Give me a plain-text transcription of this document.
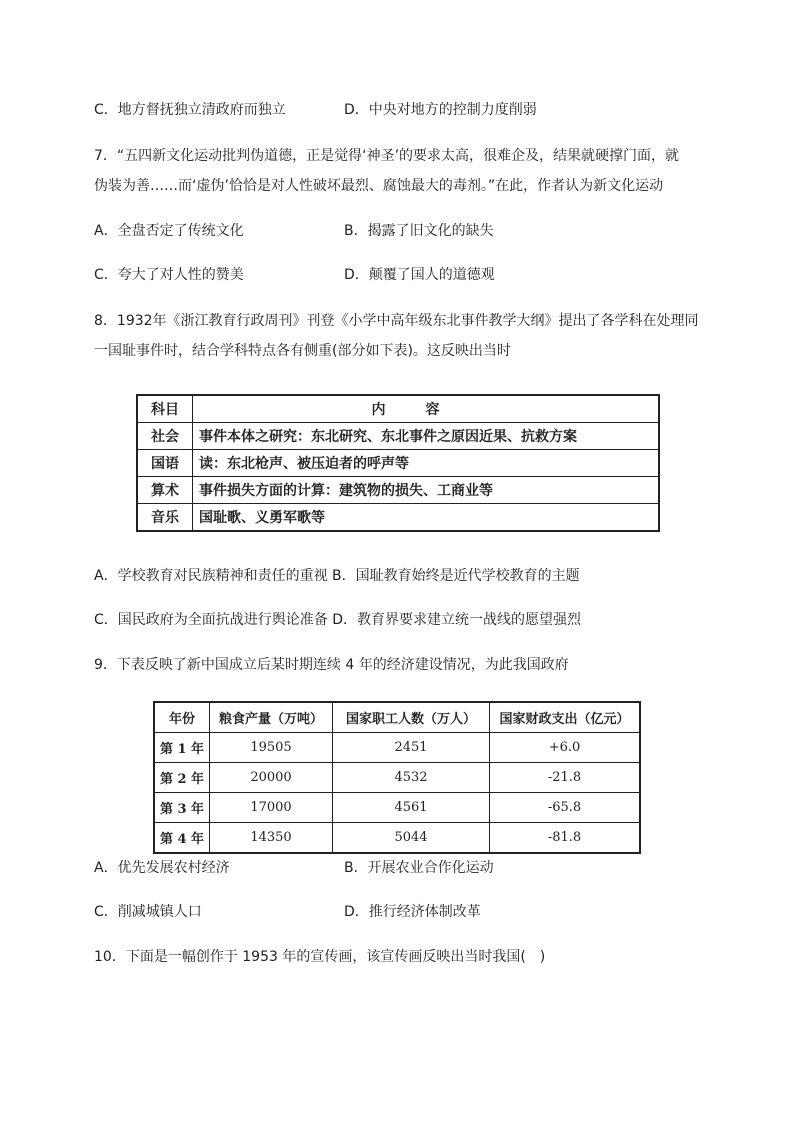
C．地方督抚独立清政府而独立	D．中央对地方的控制力度削弱
7．“五四新文化运动批判伪道德，正是觉得‘神圣’的要求太高，很难企及，结果就硬撑门面，就
伪装为善……而‘虚伪’恰恰是对人性破坏最烈、腐蚀最大的毒剂。”在此，作者认为新文化运动
A．全盘否定了传统文化	B．揭露了旧文化的缺失
C．夸大了对人性的赞美	D．颠覆了国人的道德观
8．1932年《浙江教育行政周刊》刊登《小学中高年级东北事件教学大纲》提出了各学科在处理同
一国耻事件时，结合学科特点各有侧重(部分如下表)。这反映出当时
科目	内容
社会	事件本体之研究：东北研究、东北事件之原因近果、抗救方案
国语	读：东北枪声、被压迫者的呼声等
算术	事件损失方面的计算：建筑物的损失、工商业等
音乐	国耻歌、义勇军歌等
A．学校教育对民族精神和责任的重视 B．国耻教育始终是近代学校教育的主题
C．国民政府为全面抗战进行舆论准备 D．教育界要求建立统一战线的愿望强烈
9．下表反映了新中国成立后某时期连续 4 年的经济建设情况，为此我国政府
年份	粮食产量（万吨）	国家职工人数（万人）	国家财政支出（亿元）
第 1 年	19505	2451	+6.0
第 2 年	20000	4532	-21.8
第 3 年	17000	4561	-65.8
第 4 年	14350	5044	-81.8
A．优先发展农村经济	B．开展农业合作化运动
C．削减城镇人口	D．推行经济体制改革
10．下面是一幅创作于 1953 年的宣传画，该宣传画反映出当时我国(　)
